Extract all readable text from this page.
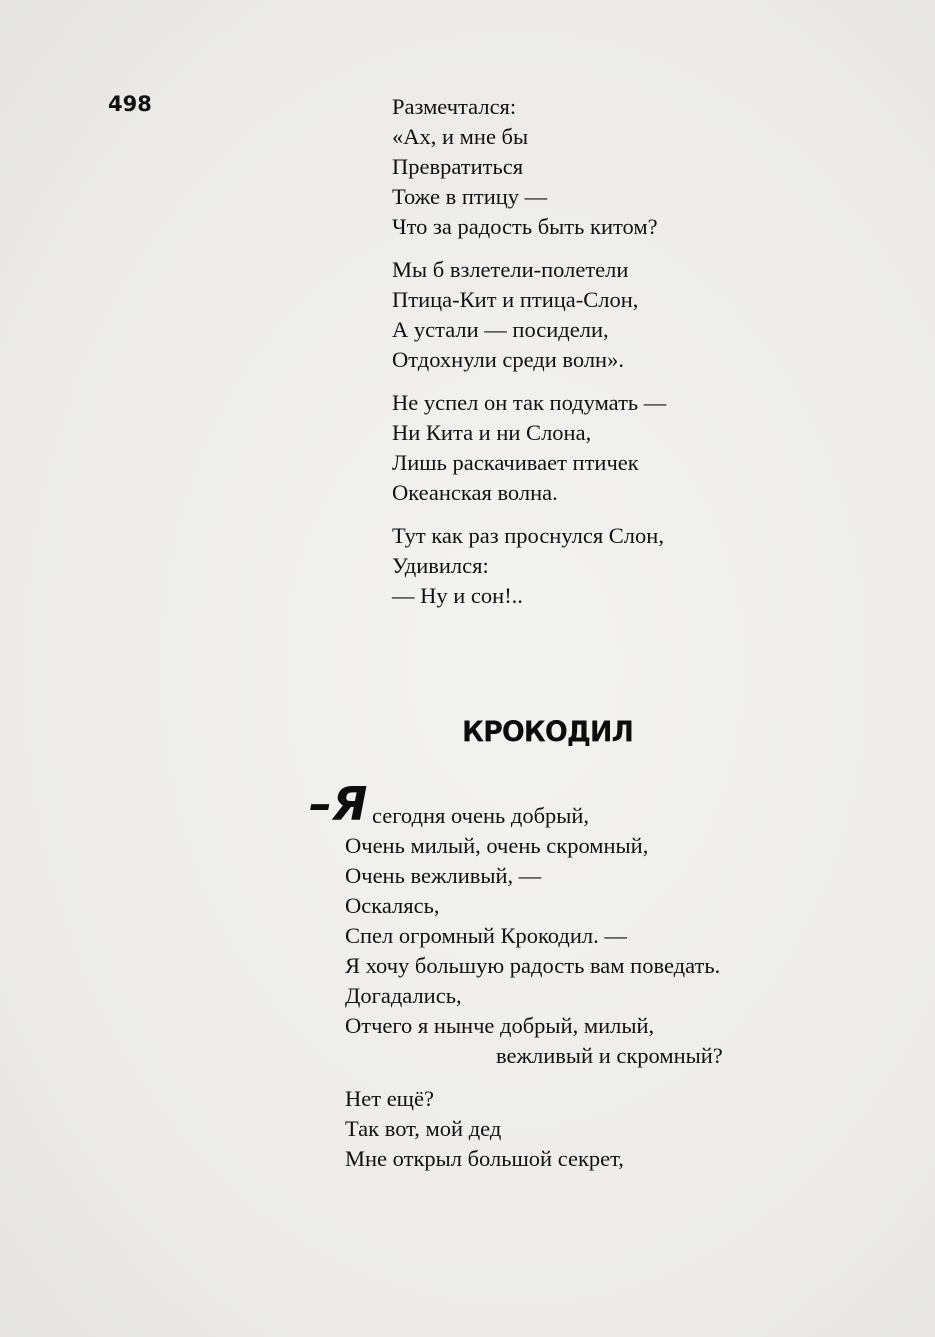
498	Размечтался:
«Ах, и мне бы
Превратиться
Тоже в птицу —
Что за радость быть китом?
Мы б взлетели-полетели
Птица-Кит и птица-Слон,
А устали — посидели,
Отдохнули среди волн».
Не успел он так подумать —
Ни Кита и ни Слона,
Лишь раскачивает птичек
Океанская волна.
Тут как раз проснулся Слон,
Удивился:
— Ну и сон!..
КРОКОДИЛ
–Я сегодня очень добрый,
Очень милый, очень скромный,
Очень вежливый, —
Оскалясь,
Спел огромный Крокодил. —
Я хочу большую радость вам поведать.
Догадались,
Отчего я нынче добрый, милый,
вежливый и скромный?
Нет ещё?
Так вот, мой дед
Мне открыл большой секрет,
